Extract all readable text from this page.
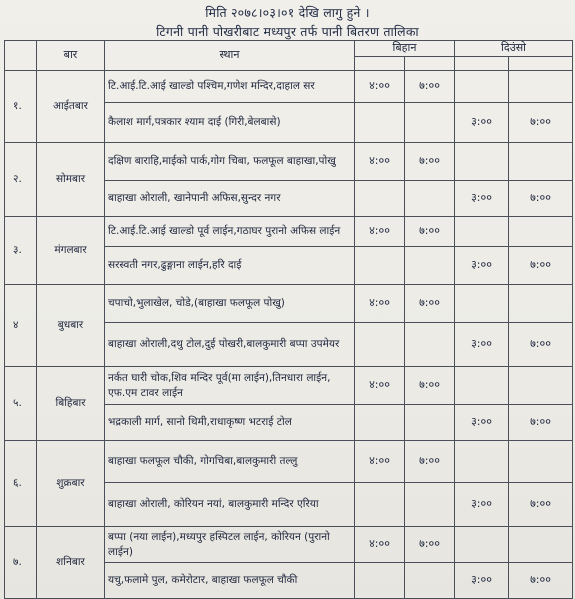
मिति २०७८।०३।०१ देखि लागु हुने ।
टिगनी पानी पोखरीबाट मध्यपुर तर्फ पानी बितरण तालिका
	बार	स्थान	बिहान		दिउंसो	

१.	आईतबार	टि.आई.टि.आई खाल्डो पश्चिम,गणेश मन्दिर,दाहाल सर	४:००	७:००		
		कैलाश मार्ग,पत्रकार श्याम दाई (गिरी,बेलबासे)			३:००	७:००
२.	सोमबार	दक्षिण बाराहि,माईको पार्क,गोग चिबा, फलफूल बाहाखा,पोखु	४:००	७:००		
		बाहाखा ओराली, खानेपानी अफिस,सुन्दर नगर			३:००	७:००
३.	मंगलबार	टि.आई.टि.आई खाल्डो पूर्व लाईन,गठाघर पुरानो अफिस लाईन	४:००	७:००		
		सरस्वती नगर,ढुङ्गाना लाईन,हरि दाई			३:००	७:००
४	बुधबार	चपाचो,भुलाखेल, चोडे,(बाहाखा फलफूल पोखु)	४:००	७:००		
		बाहाखा ओराली,दथु टोल,दुई पोखरी,बालकुमारी बप्पा उपमेयर			३:००	७:००
५.	बिहिबार	नर्कत घारी चोक,शिव मन्दिर पूर्व(मा लाईन),तिनधारा लाईन, एफ.एम टावर लाईन	४:००	७:००		
		भद्रकाली मार्ग, सानो थिमी,राधाकृष्ण भटराई टोल			३:००	७:००
६.	शुक्रबार	बाहाखा फलफूल चौकी, गोगचिबा,बालकुमारी तल्लु	४:००	७:००		
		बाहाखा ओराली, कोरियन नयां, बालकुमारी मन्दिर एरिया			३:००	७:००
७.	शनिबार	बप्पा (नया लाईन),मध्यपुर हस्पिटल लाईन, कोरियन (पुरानो लाईन)	४:००	७:००		
		यचु,फलामे पुल, कमेरोटार, बाहाखा फलफूल चौकी			३:००	७:००
